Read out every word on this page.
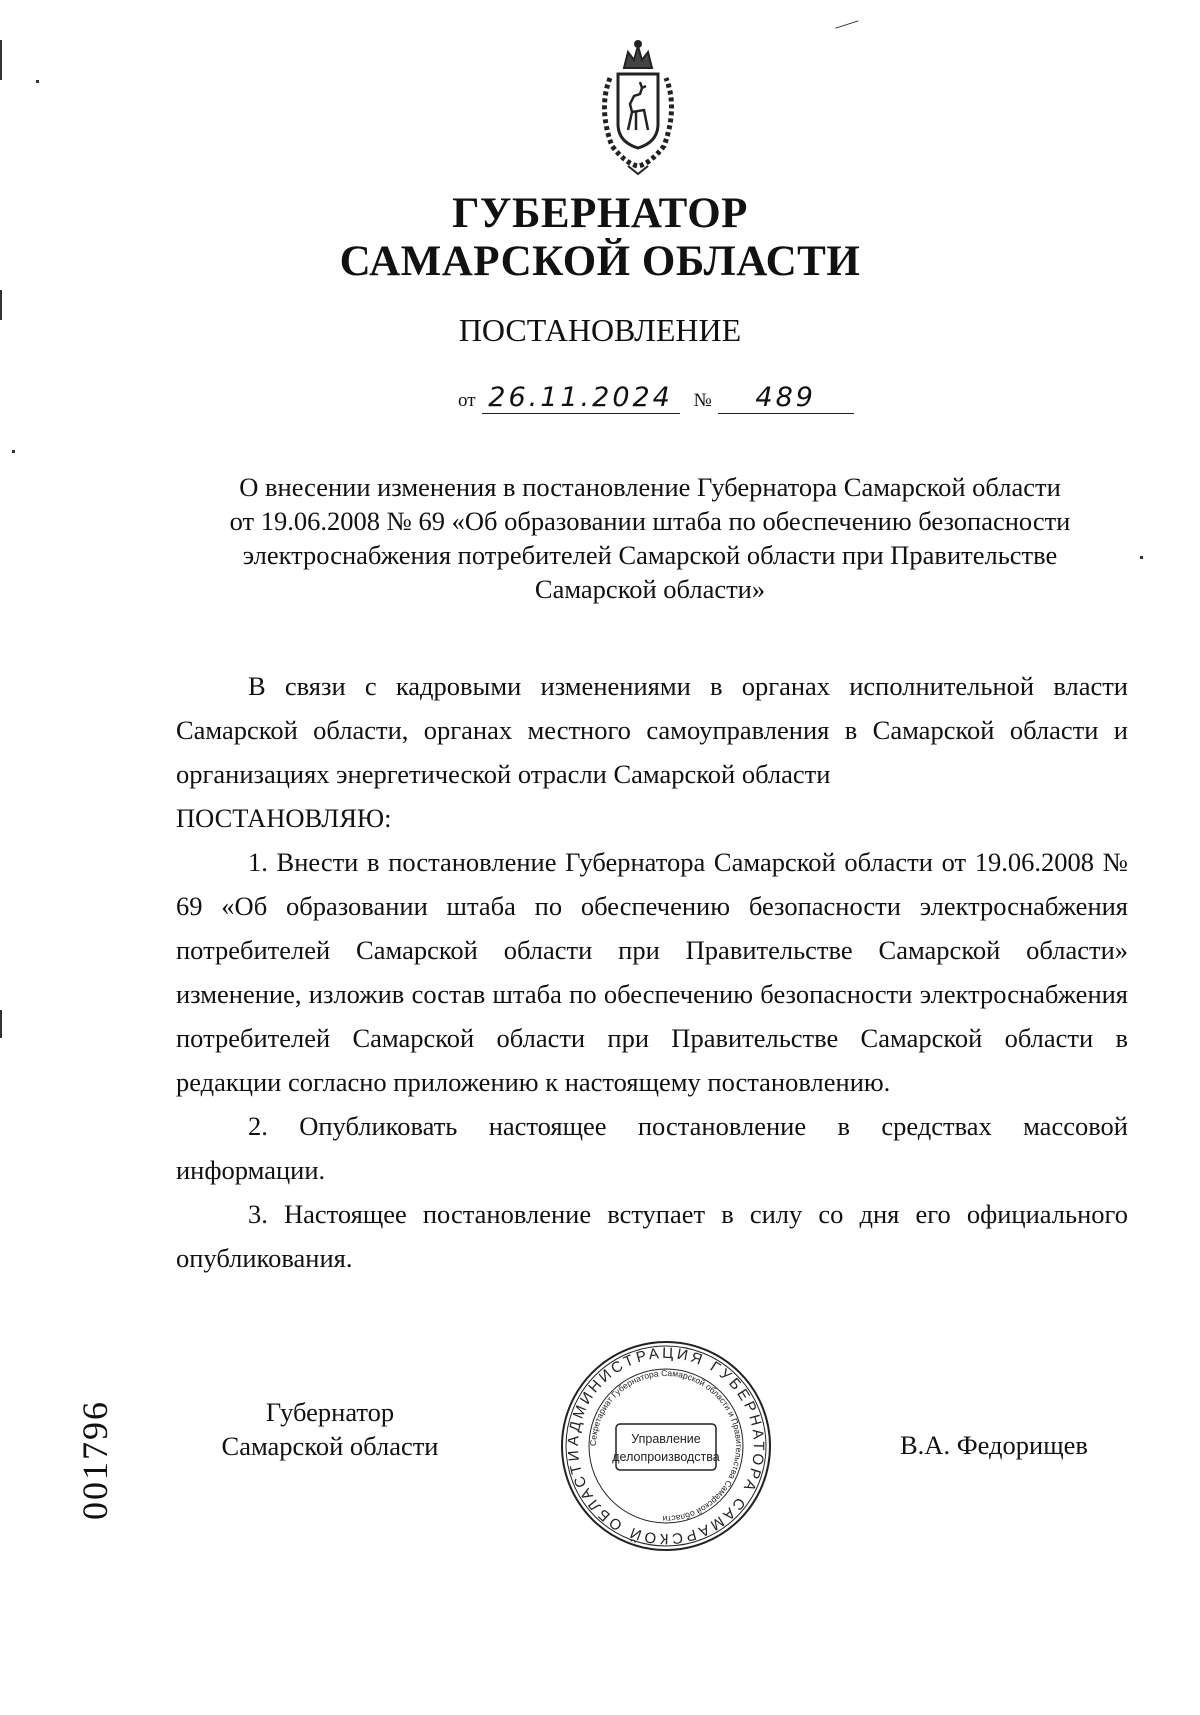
ГУБЕРНАТОР
САМАРСКОЙ ОБЛАСТИ
ПОСТАНОВЛЕНИЕ
от 26.11.2024 № 489
О внесении изменения в постановление Губернатора Самарской области
от 19.06.2008 № 69 «Об образовании штаба по обеспечению безопасности
электроснабжения потребителей Самарской области при Правительстве
Самарской области»

В связи с кадровыми изменениями в органах исполнительной власти Самарской области, органах местного самоуправления в Самарской области и организациях энергетической отрасли Самарской области

ПОСТАНОВЛЯЮ:

1. Внести в постановление Губернатора Самарской области от 19.06.2008 № 69 «Об образовании штаба по обеспечению безопасности электроснабжения потребителей Самарской области при Правительстве Самарской области» изменение, изложив состав штаба по обеспечению безопасности электроснабжения потребителей Самарской области при Правительстве Самарской области в редакции согласно приложению к настоящему постановлению.

2. Опубликовать настоящее постановление в средствах массовой информации.

3. Настоящее постановление вступает в силу со дня его официального опубликования.

Губернатор
Самарской области	В.А. Федорищев
АДМИНИСТРАЦИЯ ГУБЕРНАТОРА САМАРСКОЙ ОБЛАСТИ
Секретариат Губернатора Самарской области и Правительства Самарской области
Управление
делопроизводства
001796
